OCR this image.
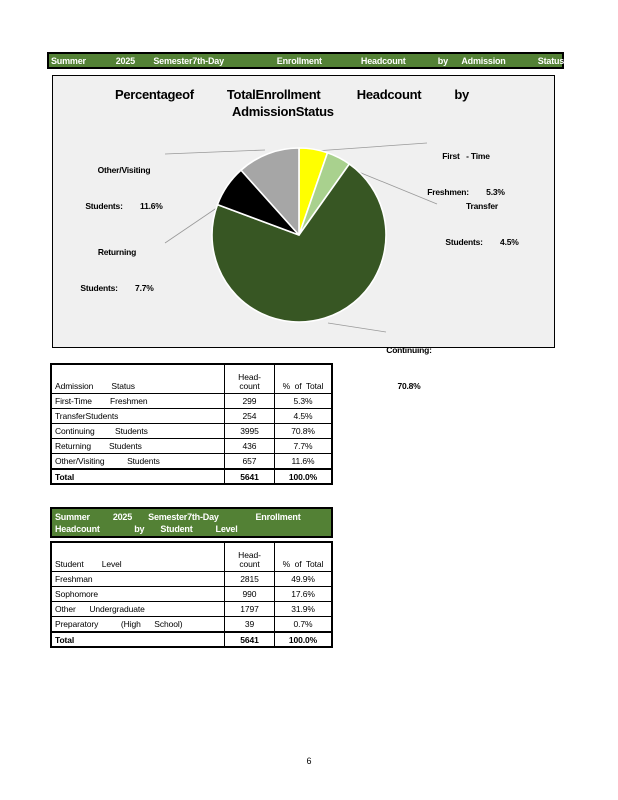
Summer             2025        Semester7th-Day                       Enrollment                 Headcount              by      Admission              Status
Percentageof          TotalEnrollment           Headcount          by
AdmissionStatus

Other/Visiting

Students:        11.6%

Returning

Students:        7.7%

First   - Time

Freshmen:        5.3%

Transfer

Students:        4.5%

Continuing:

70.8%

Admission        Status
Head-
count	%  of  Total
First-Time        Freshmen	299	5.3%
TransferStudents	254	4.5%
Continuing         Students	3995	70.8%
Returning        Students	436	7.7%
Other/Visiting          Students	657	11.6%
Total	5641	100.0%
Summer          2025       Semester7th-Day                Enrollment
Headcount               by       Student          Level
Student        Level
Head-
count	%  of  Total
Freshman	2815	49.9%
Sophomore	990	17.6%
Other      Undergraduate	1797	31.9%
Preparatory          (High      School)	39	0.7%
Total	5641	100.0%
6
